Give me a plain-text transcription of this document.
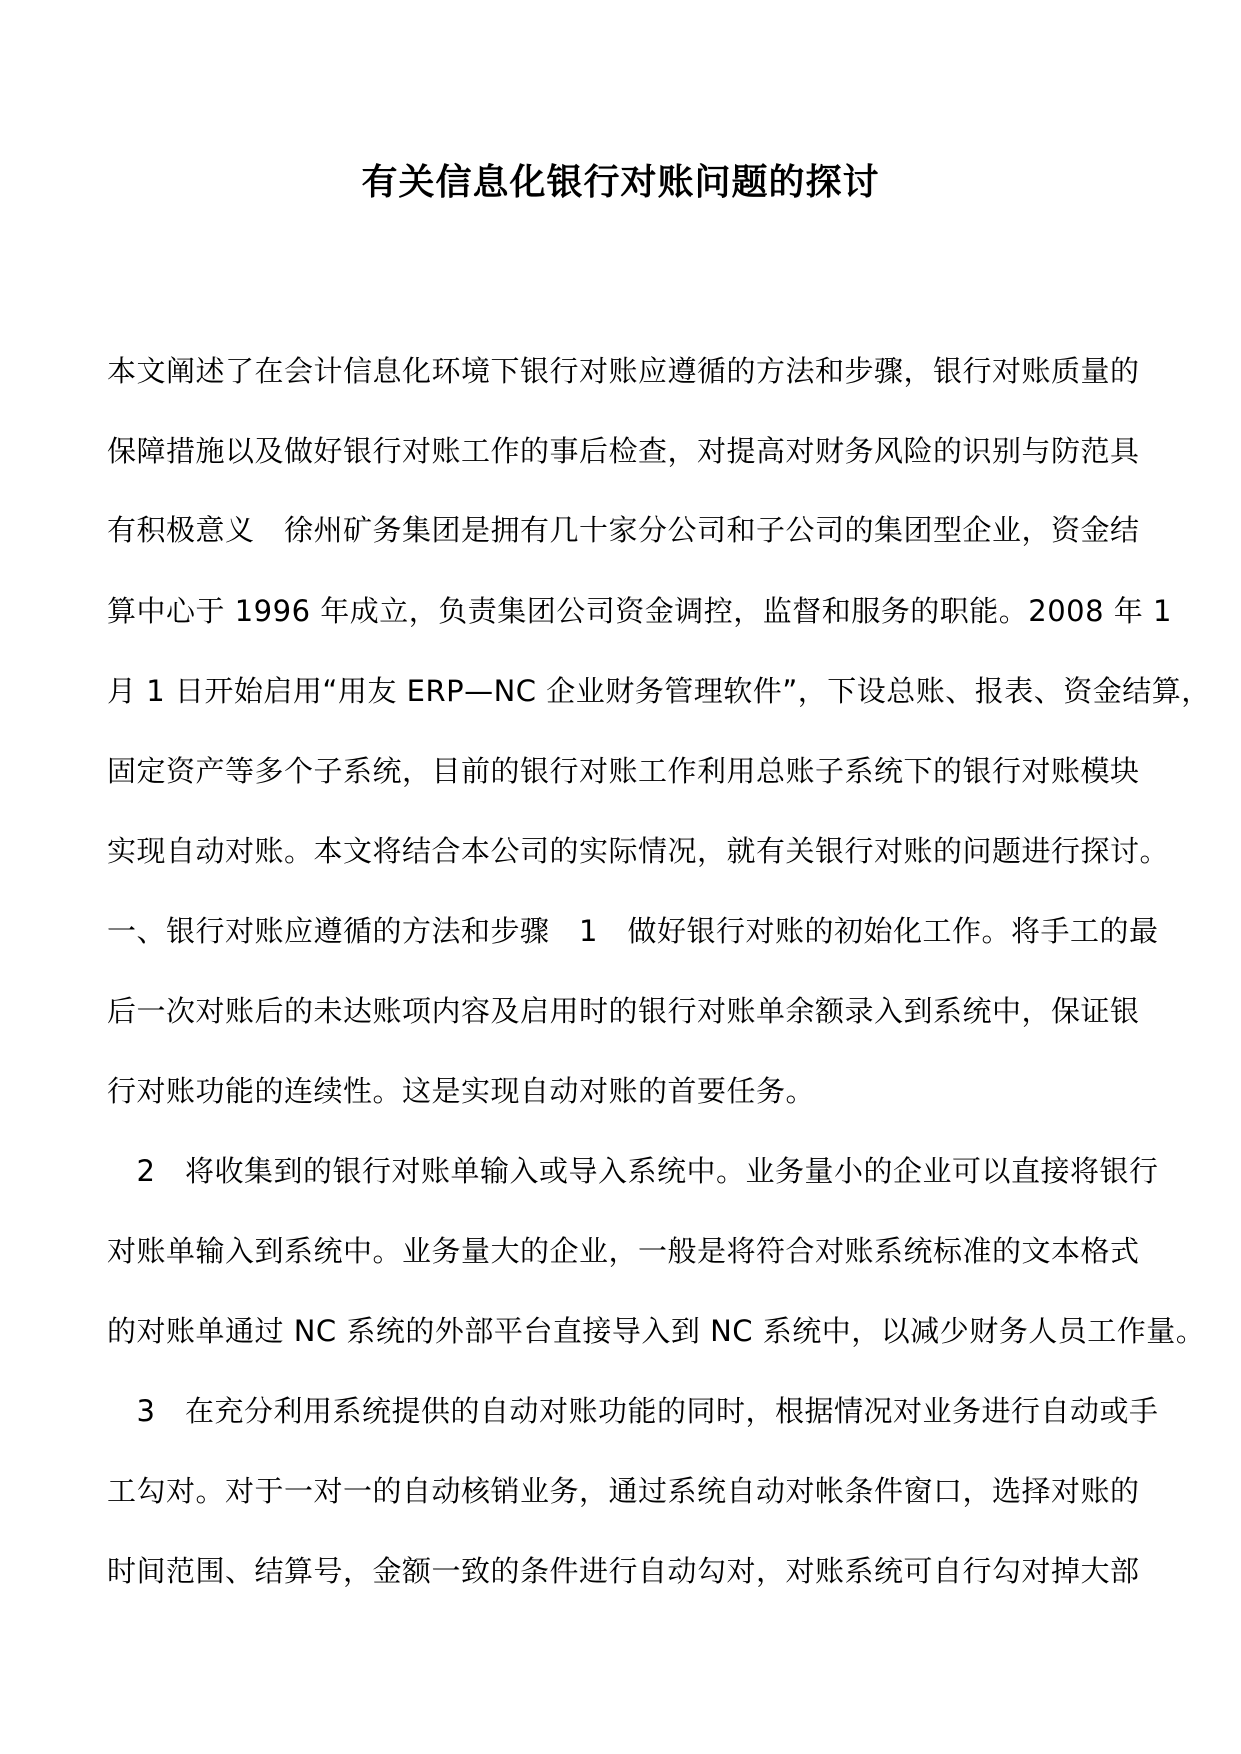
有关信息化银行对账问题的探讨

本文阐述了在会计信息化环境下银行对账应遵循的方法和步骤，银行对账质量的

保障措施以及做好银行对账工作的事后检查，对提高对财务风险的识别与防范具

有积极意义　徐州矿务集团是拥有几十家分公司和子公司的集团型企业，资金结

算中心于 1996 年成立，负责集团公司资金调控，监督和服务的职能。2008 年 1

月 1 日开始启用“用友 ERP—NC 企业财务管理软件”，下设总账、报表、资金结算，

固定资产等多个子系统，目前的银行对账工作利用总账子系统下的银行对账模块

实现自动对账。本文将结合本公司的实际情况，就有关银行对账的问题进行探讨。

一、银行对账应遵循的方法和步骤　1　做好银行对账的初始化工作。将手工的最

后一次对账后的未达账项内容及启用时的银行对账单余额录入到系统中，保证银

行对账功能的连续性。这是实现自动对账的首要任务。

　2　将收集到的银行对账单输入或导入系统中。业务量小的企业可以直接将银行

对账单输入到系统中。业务量大的企业，一般是将符合对账系统标准的文本格式

的对账单通过 NC 系统的外部平台直接导入到 NC 系统中，以减少财务人员工作量。

　3　在充分利用系统提供的自动对账功能的同时，根据情况对业务进行自动或手

工勾对。对于一对一的自动核销业务，通过系统自动对帐条件窗口，选择对账的

时间范围、结算号，金额一致的条件进行自动勾对，对账系统可自行勾对掉大部
